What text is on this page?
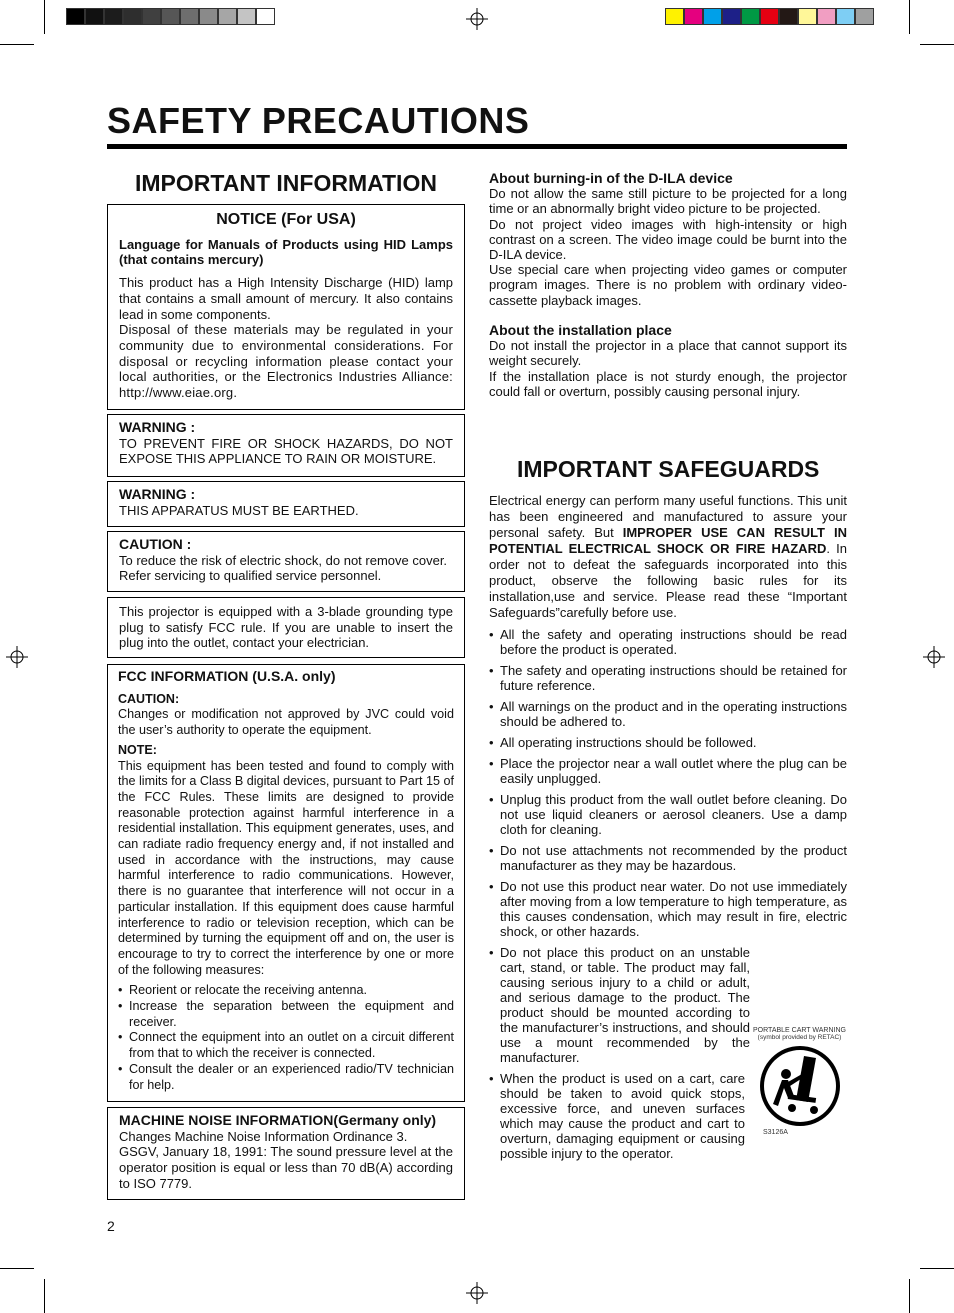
SAFETY PRECAUTIONS
IMPORTANT INFORMATION
NOTICE (For USA)

Language for Manuals of Products using HID Lamps (that contains mercury)

This product has a High Intensity Discharge (HID) lamp that contains a small amount of mercury. It also contains lead in some components.

Disposal of these materials may be regulated in your community due to environmental considerations. For disposal or recycling information please contact your local authorities, or the Electronics Industries Alliance: http://www.eiae.org.

WARNING :

TO PREVENT FIRE OR SHOCK HAZARDS, DO NOT EXPOSE THIS APPLIANCE TO RAIN OR MOISTURE.

WARNING :

THIS APPARATUS MUST BE EARTHED.

CAUTION :

To reduce the risk of electric shock, do not remove cover. Refer servicing to qualified service personnel.

This projector is equipped with a 3-blade grounding type plug to satisfy FCC rule. If you are unable to insert the plug into the outlet, contact your electrician.

FCC INFORMATION (U.S.A. only)
CAUTION:

Changes or modification not approved by JVC could void the user’s authority to operate the equipment.

NOTE:

This equipment has been tested and found to comply with the limits for a Class B digital devices, pursuant to Part 15 of the FCC Rules. These limits are designed to provide reasonable protection against harmful interference in a residential installation. This equipment generates, uses, and can radiate radio frequency energy and, if not installed and used in accordance with the instructions, may cause harmful interference to radio communications. However, there is no guarantee that interference will not occur in a particular installation. If this equipment does cause harmful interference to radio or television reception, which can be determined by turning the equipment off and on, the user is encourage to try to correct the interference by one or more of the following measures:

• Reorient or relocate the receiving antenna.
• Increase the separation between the equipment and receiver.
• Connect the equipment into an outlet on a circuit different from that to which the receiver is connected.
• Consult the dealer or an experienced radio/TV technician for help.
MACHINE NOISE INFORMATION(Germany only)

Changes Machine Noise Information Ordinance 3.

GSGV, January 18, 1991: The sound pressure level at the operator position is equal or less than 70 dB(A) according to ISO 7779.

2
About burning-in of the D-ILA device

Do not allow the same still picture to be projected for a long time or an abnormally bright video picture to be projected.

Do not project video images with high-intensity or high contrast on a screen. The video image could be burnt into the D-ILA device.

Use special care when projecting video games or computer program images. There is no problem with ordinary video-cassette playback images.

About the installation place

Do not install the projector in a place that cannot support its weight securely.

If the installation place is not sturdy enough, the projector could fall or overturn, possibly causing personal injury.

IMPORTANT SAFEGUARDS

Electrical energy can perform many useful functions. This unit has been engineered and manufactured to assure your personal safety. But IMPROPER USE CAN RESULT IN POTENTIAL ELECTRICAL SHOCK OR FIRE HAZARD. In order not to defeat the safeguards incorporated into this product, observe the following basic rules for its installation,use and service. Please read these “Important Safeguards”carefully before use.

• All the safety and operating instructions should be read before the product is operated.
• The safety and operating instructions should be retained for future reference.
• All warnings on the product and in the operating instructions should be adhered to.
• All operating instructions should be followed.
• Place the projector near a wall outlet where the plug can be easily unplugged.
• Unplug this product from the wall outlet before cleaning. Do not use liquid cleaners or aerosol cleaners. Use a damp cloth for cleaning.
• Do not use attachments not recommended by the product manufacturer as they may be hazardous.
• Do not use this product near water. Do not use immediately after moving from a low temperature to high temperature, as this causes condensation, which may result in fire, electric shock, or other hazards.
• Do not place this product on an unstable cart, stand, or table. The product may fall, causing serious injury to a child or adult, and serious damage to the product. The product should be mounted according to the manufacturer’s instructions, and should use a mount recommended by the manufacturer.
• When the product is used on a cart, care should be taken to avoid quick stops, excessive force, and uneven surfaces which may cause the product and cart to overturn, damaging equipment or causing possible injury to the operator.
PORTABLE CART WARNING
(symbol provided by RETAC)
S3126A
